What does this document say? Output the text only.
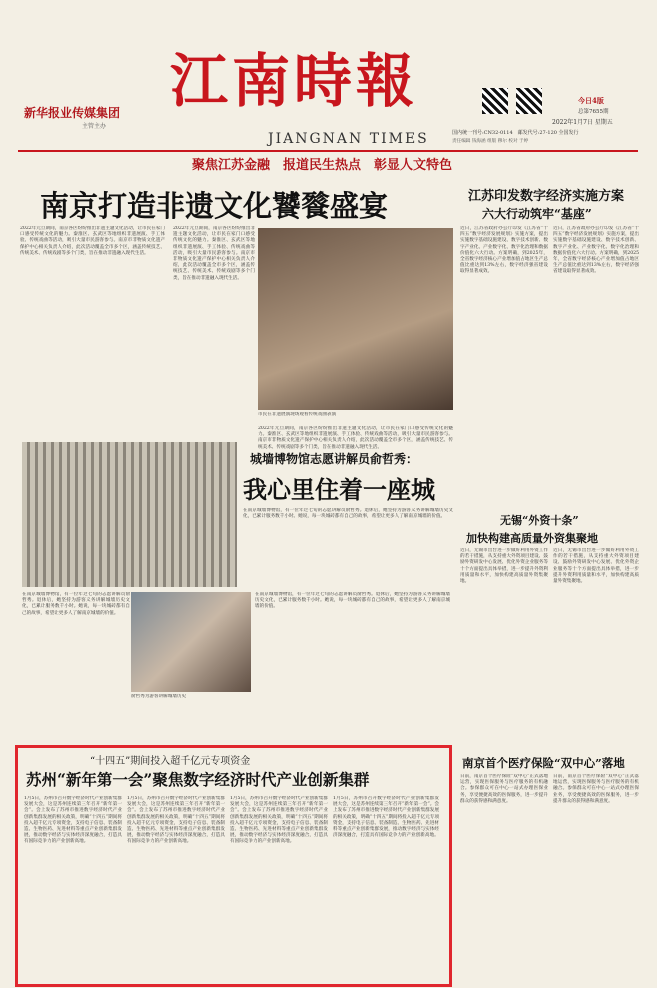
新华报业传媒集团
主管主办
江南時報
JIANGNAN TIMES
今日4版
总第7655期
2022年1月7日 星期五
国内统一刊号:CN32-0114　邮发代号:27-120 全国发行
责任编辑 钱海涵 组版 穆尔 校对 于婷
聚焦江苏金融　报道民生热点　彰显人文特色
南京打造非遗文化饕餮盛宴
2022年元旦期间，南京各区纷纷推出非遗主题文化活动，让市民在家门口感受传统文化的魅力。秦淮区、玄武区等地组织非遗展演、手工体验、传统戏曲等活动，吸引大量市民游客参与。南京市非物质文化遗产保护中心相关负责人介绍，此次活动覆盖全市多个区，涵盖传统技艺、传统美术、传统戏剧等多个门类，旨在推动非遗融入现代生活。
2022年元旦期间，南京各区纷纷推出非遗主题文化活动，让市民在家门口感受传统文化的魅力。秦淮区、玄武区等地组织非遗展演、手工体验、传统戏曲等活动，吸引大量市民游客参与。南京市非物质文化遗产保护中心相关负责人介绍，此次活动覆盖全市多个区，涵盖传统技艺、传统美术、传统戏剧等多个门类，旨在推动非遗融入现代生活。
市民在非遗展演现场观看传统戏曲表演
2022年元旦期间，南京各区纷纷推出非遗主题文化活动，让市民在家门口感受传统文化的魅力。秦淮区、玄武区等地组织非遗展演、手工体验、传统戏曲等活动，吸引大量市民游客参与。南京市非物质文化遗产保护中心相关负责人介绍，此次活动覆盖全市多个区，涵盖传统技艺、传统美术、传统戏剧等多个门类，旨在推动非遗融入现代生活。
江苏印发数字经济实施方案
六大行动筑牢“基座”
近日，江苏省政府办公厅印发《江苏省“十四五”数字经济发展规划》实施方案，提出实施数字基础设施建设、数字技术创新、数字产业化、产业数字化、数字化治理和数据价值化六大行动。方案明确，到2025年，全省数字经济核心产业增加值占地区生产总值比重达到13%左右，数字经济强省建设取得显著成效。
近日，江苏省政府办公厅印发《江苏省“十四五”数字经济发展规划》实施方案，提出实施数字基础设施建设、数字技术创新、数字产业化、产业数字化、数字化治理和数据价值化六大行动。方案明确，到2025年，全省数字经济核心产业增加值占地区生产总值比重达到13%左右，数字经济强省建设取得显著成效。
城墙博物馆志愿讲解员俞哲秀：
我心里住着一座城
在南京城墙博物馆，有一位年过七旬的志愿讲解员俞哲秀。退休后，她坚持为游客义务讲解城墙历史文化，已累计服务数千小时。她说，每一块城砖都有自己的故事，希望让更多人了解南京城墙的价值。
在南京城墙博物馆，有一位年过七旬的志愿讲解员俞哲秀。退休后，她坚持为游客义务讲解城墙历史文化，已累计服务数千小时。她说，每一块城砖都有自己的故事，希望让更多人了解南京城墙的价值。
俞哲秀为游客讲解城墙历史
在南京城墙博物馆，有一位年过七旬的志愿讲解员俞哲秀。退休后，她坚持为游客义务讲解城墙历史文化，已累计服务数千小时。她说，每一块城砖都有自己的故事，希望让更多人了解南京城墙的价值。
无锡“外资十条”
加快构建高质量外资集聚地
近日，无锡市出台进一步做好利用外资工作的若干措施，从支持重大外资项目建设、鼓励外资研发中心发展、优化外资企业服务等十个方面提出具体举措，进一步提升外资利用质量和水平，加快构建高质量外资集聚地。
近日，无锡市出台进一步做好利用外资工作的若干措施，从支持重大外资项目建设、鼓励外资研发中心发展、优化外资企业服务等十个方面提出具体举措，进一步提升外资利用质量和水平，加快构建高质量外资集聚地。
“十四五”期间投入超千亿元专项资金
苏州“新年第一会”聚焦数字经济时代产业创新集群
1月5日，苏州市召开数字经济时代产业创新集群发展大会，这是苏州连续第三年召开“新年第一会”。会上发布了苏州市推进数字经济时代产业创新集群发展的相关政策，明确“十四五”期间将投入超千亿元专项资金，支持电子信息、装备制造、生物医药、先进材料等重点产业创新集群发展，推动数字经济与实体经济深度融合，打造具有国际竞争力的产业创新高地。
1月5日，苏州市召开数字经济时代产业创新集群发展大会，这是苏州连续第三年召开“新年第一会”。会上发布了苏州市推进数字经济时代产业创新集群发展的相关政策，明确“十四五”期间将投入超千亿元专项资金，支持电子信息、装备制造、生物医药、先进材料等重点产业创新集群发展，推动数字经济与实体经济深度融合，打造具有国际竞争力的产业创新高地。
1月5日，苏州市召开数字经济时代产业创新集群发展大会，这是苏州连续第三年召开“新年第一会”。会上发布了苏州市推进数字经济时代产业创新集群发展的相关政策，明确“十四五”期间将投入超千亿元专项资金，支持电子信息、装备制造、生物医药、先进材料等重点产业创新集群发展，推动数字经济与实体经济深度融合，打造具有国际竞争力的产业创新高地。
1月5日，苏州市召开数字经济时代产业创新集群发展大会，这是苏州连续第三年召开“新年第一会”。会上发布了苏州市推进数字经济时代产业创新集群发展的相关政策，明确“十四五”期间将投入超千亿元专项资金，支持电子信息、装备制造、生物医药、先进材料等重点产业创新集群发展，推动数字经济与实体经济深度融合，打造具有国际竞争力的产业创新高地。
南京首个医疗保险“双中心”落地
日前，南京首个医疗保险“双中心”正式落地运营，实现医保服务与医疗服务的有机融合。参保群众可在中心一站式办理医保业务，享受便捷高效的医保服务，进一步提升群众的获得感和满意度。
日前，南京首个医疗保险“双中心”正式落地运营，实现医保服务与医疗服务的有机融合。参保群众可在中心一站式办理医保业务，享受便捷高效的医保服务，进一步提升群众的获得感和满意度。
